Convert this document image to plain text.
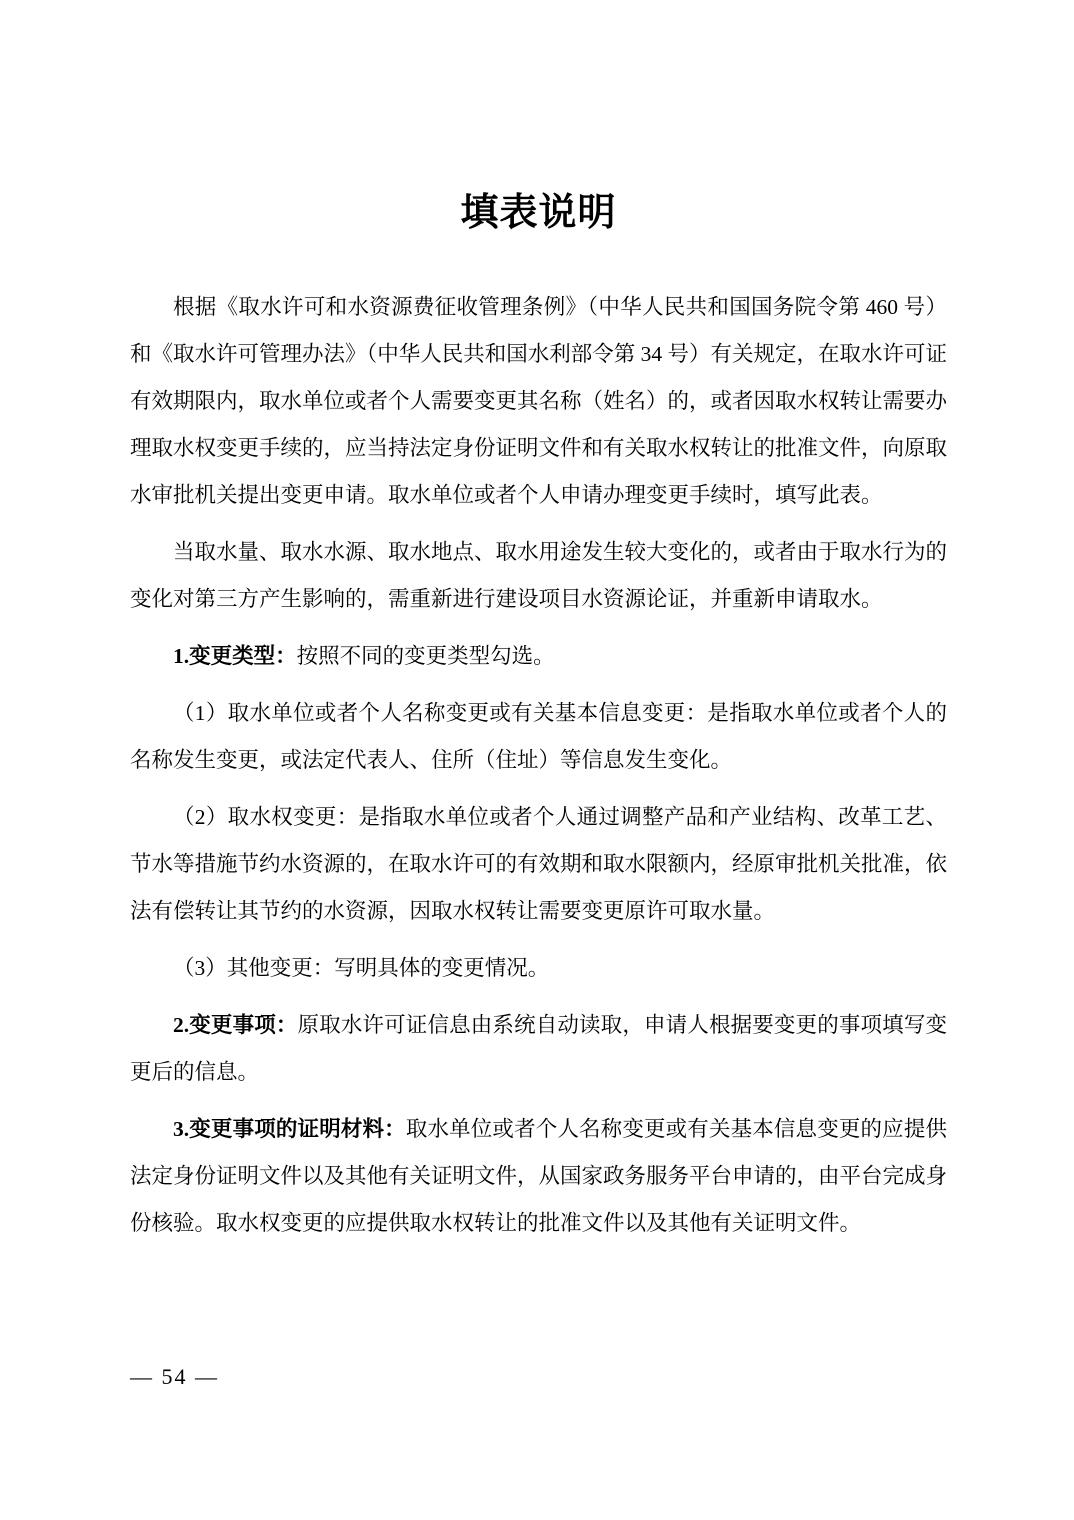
填表说明

根据《取水许可和水资源费征收管理条例》（中华人民共和国国务院令第 460 号）和《取水许可管理办法》（中华人民共和国水利部令第 34 号）有关规定，在取水许可证有效期限内，取水单位或者个人需要变更其名称（姓名）的，或者因取水权转让需要办理取水权变更手续的，应当持法定身份证明文件和有关取水权转让的批准文件，向原取水审批机关提出变更申请。取水单位或者个人申请办理变更手续时，填写此表。

当取水量、取水水源、取水地点、取水用途发生较大变化的，或者由于取水行为的变化对第三方产生影响的，需重新进行建设项目水资源论证，并重新申请取水。

1.变更类型：按照不同的变更类型勾选。

（1）取水单位或者个人名称变更或有关基本信息变更：是指取水单位或者个人的名称发生变更，或法定代表人、住所（住址）等信息发生变化。

（2）取水权变更：是指取水单位或者个人通过调整产品和产业结构、改革工艺、节水等措施节约水资源的，在取水许可的有效期和取水限额内，经原审批机关批准，依法有偿转让其节约的水资源，因取水权转让需要变更原许可取水量。

（3）其他变更：写明具体的变更情况。

2.变更事项：原取水许可证信息由系统自动读取，申请人根据要变更的事项填写变更后的信息。

3.变更事项的证明材料：取水单位或者个人名称变更或有关基本信息变更的应提供法定身份证明文件以及其他有关证明文件，从国家政务服务平台申请的，由平台完成身份核验。取水权变更的应提供取水权转让的批准文件以及其他有关证明文件。

— 54 —
